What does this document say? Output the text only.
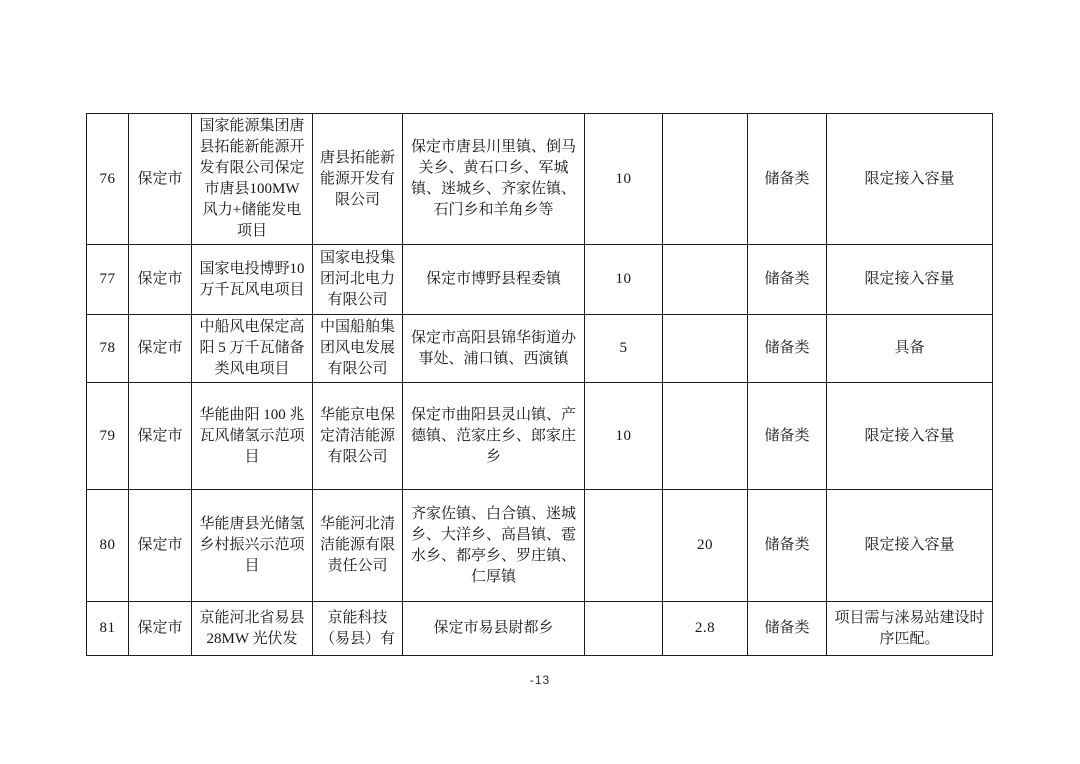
76	保定市	国家能源集团唐县拓能新能源开发有限公司保定市唐县100MW 风力+储能发电项目	唐县拓能新能源开发有限公司	保定市唐县川里镇、倒马关乡、黄石口乡、军城镇、迷城乡、齐家佐镇、石门乡和羊角乡等	10		储备类	限定接入容量
77	保定市	国家电投博野10 万千瓦风电项目	国家电投集团河北电力有限公司	保定市博野县程委镇	10		储备类	限定接入容量
78	保定市	中船风电保定高阳 5 万千瓦储备类风电项目	中国船舶集团风电发展有限公司	保定市高阳县锦华街道办事处、浦口镇、西演镇	5		储备类	具备
79	保定市	华能曲阳 100 兆瓦风储氢示范项目	华能京电保定清洁能源有限公司	保定市曲阳县灵山镇、产德镇、范家庄乡、郎家庄乡	10		储备类	限定接入容量
80	保定市	华能唐县光储氢乡村振兴示范项目	华能河北清洁能源有限责任公司	齐家佐镇、白合镇、迷城乡、大洋乡、高昌镇、雹水乡、都亭乡、罗庄镇、仁厚镇		20	储备类	限定接入容量
81	保定市	京能河北省易县 28MW 光伏发	京能科技（易县）有	保定市易县尉都乡		2.8	储备类	项目需与涞易站建设时序匹配。
-13
